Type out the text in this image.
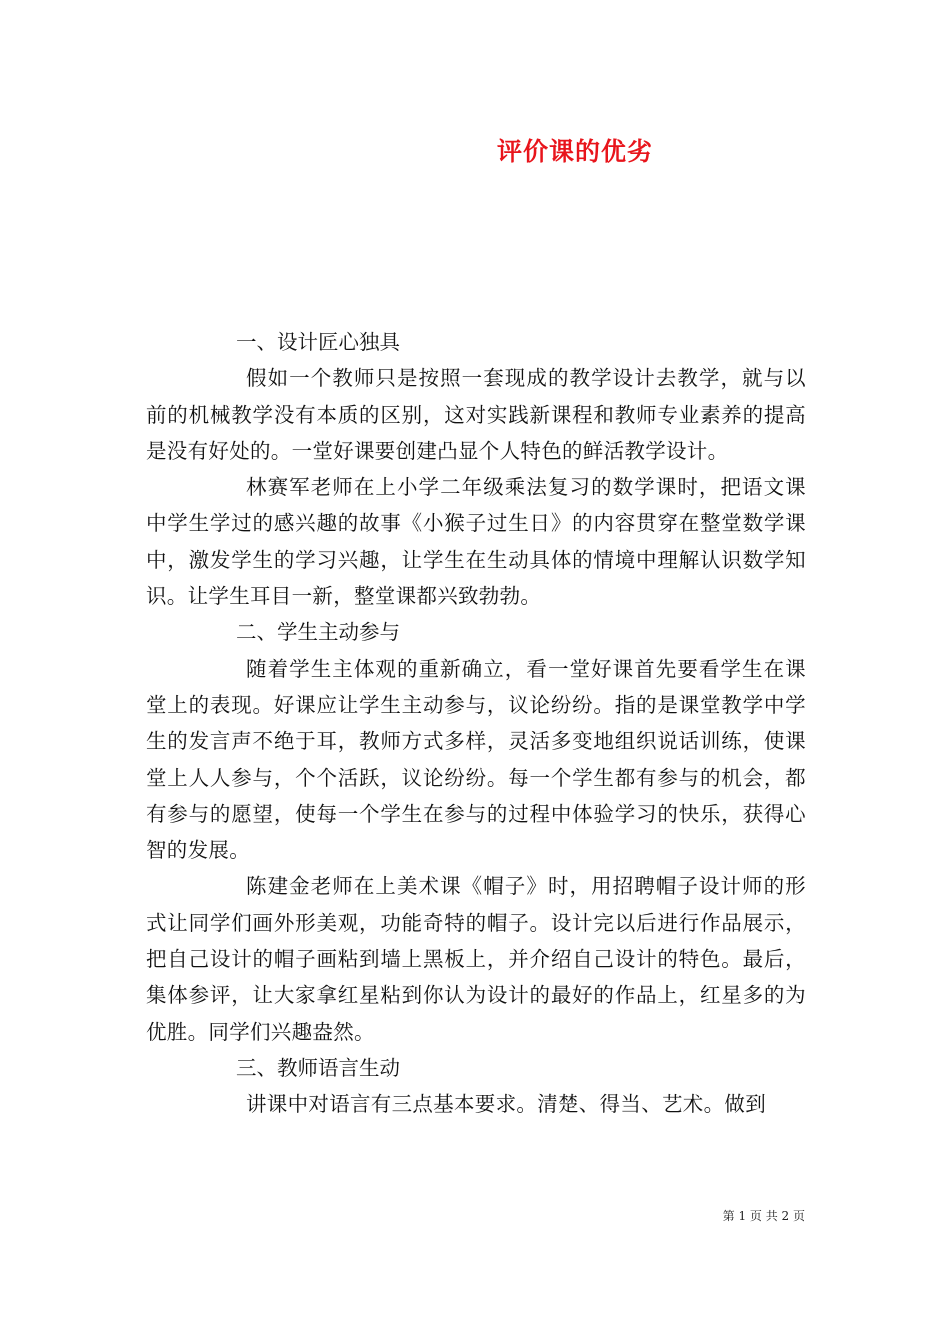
评价课的优劣

一、设计匠心独具

假如一个教师只是按照一套现成的教学设计去教学，就与以前的机械教学没有本质的区别，这对实践新课程和教师专业素养的提高是没有好处的。一堂好课要创建凸显个人特色的鲜活教学设计。

林赛军老师在上小学二年级乘法复习的数学课时，把语文课中学生学过的感兴趣的故事《小猴子过生日》的内容贯穿在整堂数学课中，激发学生的学习兴趣，让学生在生动具体的情境中理解认识数学知识。让学生耳目一新，整堂课都兴致勃勃。

二、学生主动参与

随着学生主体观的重新确立，看一堂好课首先要看学生在课堂上的表现。好课应让学生主动参与，议论纷纷。指的是课堂教学中学生的发言声不绝于耳，教师方式多样，灵活多变地组织说话训练，使课堂上人人参与，个个活跃，议论纷纷。每一个学生都有参与的机会，都有参与的愿望，使每一个学生在参与的过程中体验学习的快乐，获得心智的发展。

陈建金老师在上美术课《帽子》时，用招聘帽子设计师的形式让同学们画外形美观，功能奇特的帽子。设计完以后进行作品展示，把自己设计的帽子画粘到墙上黑板上，并介绍自己设计的特色。最后，集体参评，让大家拿红星粘到你认为设计的最好的作品上，红星多的为优胜。同学们兴趣盎然。

三、教师语言生动

讲课中对语言有三点基本要求。清楚、得当、艺术。做到

第 1 页 共 2 页
